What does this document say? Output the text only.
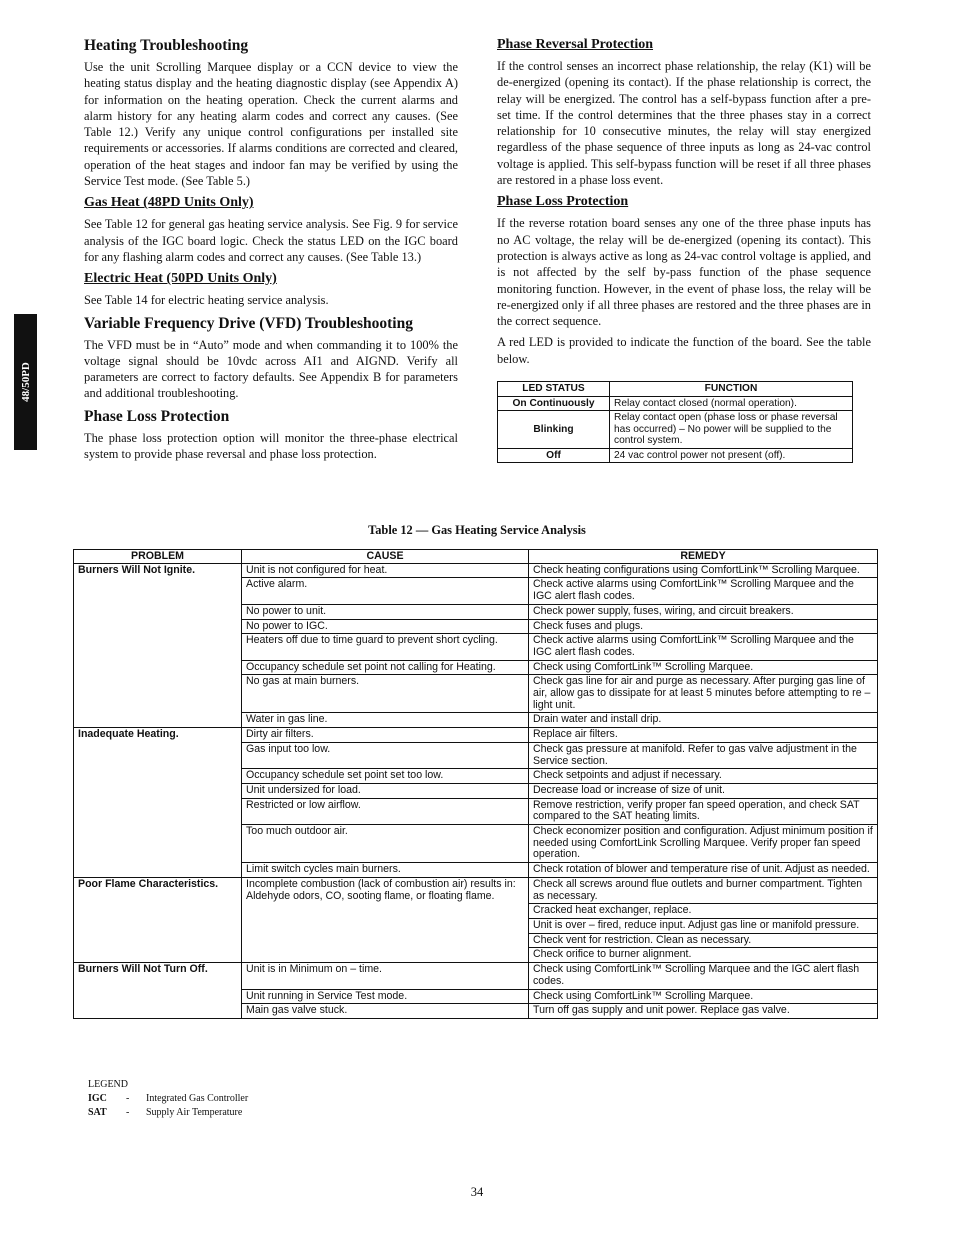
48/50PD
Heating Troubleshooting

Use the unit Scrolling Marquee display or a CCN device to view the heating status display and the heating diagnostic display (see Appendix A) for information on the heating operation. Check the current alarms and alarm history for any heating alarm codes and correct any causes. (See Table 12.) Verify any unique control configurations per installed site requirements or accessories. If alarms conditions are corrected and cleared, operation of the heat stages and indoor fan may be verified by using the Service Test mode. (See Table 5.)

Gas Heat (48PD Units Only)

See Table 12 for general gas heating service analysis. See Fig. 9 for service analysis of the IGC board logic. Check the status LED on the IGC board for any flashing alarm codes and correct any causes. (See Table 13.)

Electric Heat (50PD Units Only)

See Table 14 for electric heating service analysis.

Variable Frequency Drive (VFD) Troubleshooting

The VFD must be in “Auto” mode and when commanding it to 100% the voltage signal should be 10vdc across AI1 and AIGND. Verify all parameters are correct to factory defaults. See Appendix B for parameters and additional troubleshooting.

Phase Loss Protection

The phase loss protection option will monitor the three-phase electrical system to provide phase reversal and phase loss protection.

Phase Reversal Protection

If the control senses an incorrect phase relationship, the relay (K1) will be de-energized (opening its contact). If the phase relationship is correct, the relay will be energized. The control has a self-bypass function after a pre-set time. If the control determines that the three phases stay in a correct relationship for 10 consecutive minutes, the relay will stay energized regardless of the phase sequence of three inputs as long as 24-vac control voltage is applied. This self-bypass function will be reset if all three phases are restored in a phase loss event.

Phase Loss Protection

If the reverse rotation board senses any one of the three phase inputs has no AC voltage, the relay will be de-energized (opening its contact). This protection is always active as long as 24-vac control voltage is applied, and is not affected by the self by-pass function of the phase sequence monitoring function. However, in the event of phase loss, the relay will be re-energized only if all three phases are restored and the three phases are in the correct sequence.

A red LED is provided to indicate the function of the board. See the table below.

LED STATUS	FUNCTION
On Continuously	Relay contact closed (normal operation).
Blinking	Relay contact open (phase loss or phase reversal has occurred) – No power will be supplied to the control system.
Off	24 vac control power not present (off).
Table 12 — Gas Heating Service Analysis
PROBLEM	CAUSE	REMEDY
Burners Will Not Ignite.	Unit is not configured for heat.	Check heating configurations using ComfortLink™ Scrolling Marquee.
	Active alarm.	Check active alarms using ComfortLink™ Scrolling Marquee and the IGC alert flash codes.
	No power to unit.	Check power supply, fuses, wiring, and circuit breakers.
	No power to IGC.	Check fuses and plugs.
	Heaters off due to time guard to prevent short cycling.	Check active alarms using ComfortLink™ Scrolling Marquee and the IGC alert flash codes.
	Occupancy schedule set point not calling for Heating.	Check using ComfortLink™ Scrolling Marquee.
	No gas at main burners.	Check gas line for air and purge as necessary. After purging gas line of air, allow gas to dissipate for at least 5 minutes before attempting to re – light unit.
	Water in gas line.	Drain water and install drip.
Inadequate Heating.	Dirty air filters.	Replace air filters.
	Gas input too low.	Check gas pressure at manifold. Refer to gas valve adjustment in the Service section.
	Occupancy schedule set point set too low.	Check setpoints and adjust if necessary.
	Unit undersized for load.	Decrease load or increase of size of unit.
	Restricted or low airflow.	Remove restriction, verify proper fan speed operation, and check SAT compared to the SAT heating limits.
	Too much outdoor air.	Check economizer position and configuration. Adjust minimum position if needed using ComfortLink Scrolling Marquee. Verify proper fan speed operation.
	Limit switch cycles main burners.	Check rotation of blower and temperature rise of unit. Adjust as needed.
Poor Flame Characteristics.	Incomplete combustion (lack of combustion air) results in: Aldehyde odors, CO, sooting flame, or floating flame.	Check all screws around flue outlets and burner compartment. Tighten as necessary.
		Cracked heat exchanger, replace.
		Unit is over – fired, reduce input. Adjust gas line or manifold pressure.
		Check vent for restriction. Clean as necessary.
		Check orifice to burner alignment.
Burners Will Not Turn Off.	Unit is in Minimum on – time.	Check using ComfortLink™ Scrolling Marquee and the IGC alert flash codes.
	Unit running in Service Test mode.	Check using ComfortLink™ Scrolling Marquee.
	Main gas valve stuck.	Turn off gas supply and unit power. Replace gas valve.
LEGEND
IGC	-	Integrated Gas Controller
SAT	-	Supply Air Temperature
34
